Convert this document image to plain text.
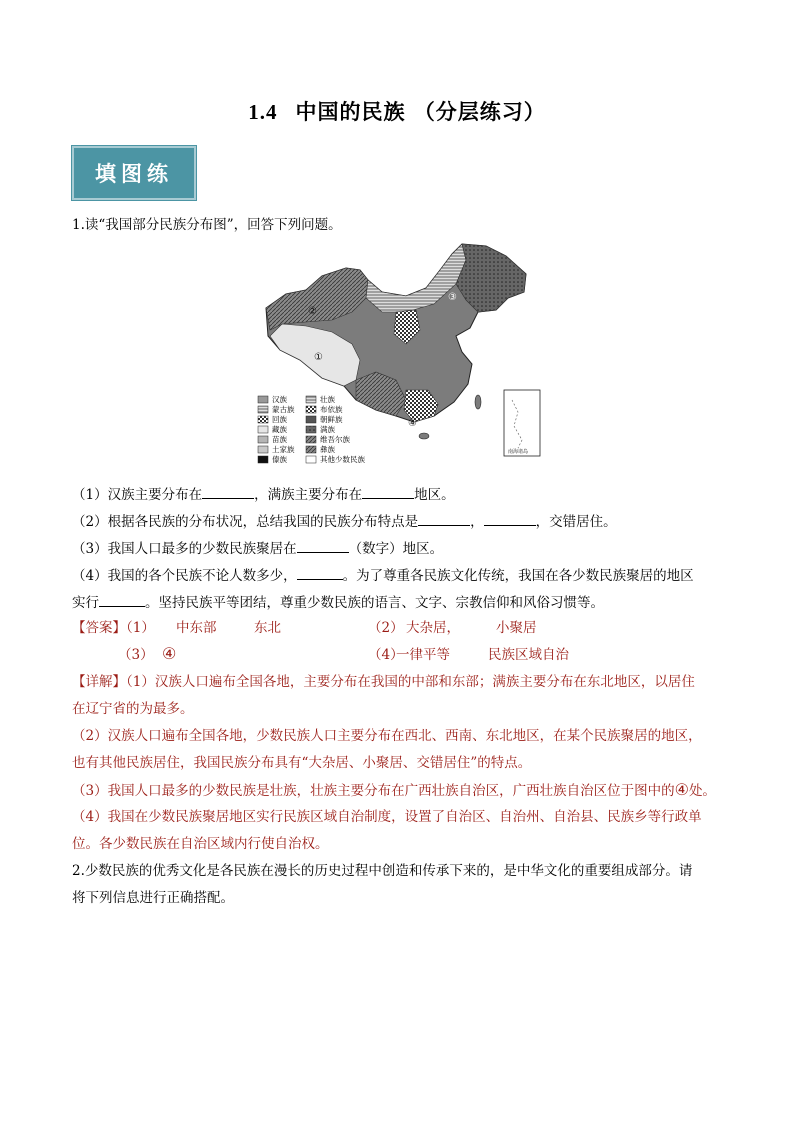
1.4 中国的民族 （分层练习）
填图练
1.读“我国部分民族分布图”，回答下列问题。
①
②
③
④
南海诸岛
汉族	壮族
蒙古族	布依族
回族	朝鲜族
藏族	满族
苗族	维吾尔族
土家族	彝族
傣族	其他少数民族
（1）汉族主要分布在	，满族主要分布在	地区。
（2）根据各民族的分布状况，总结我国的民族分布特点是	，	，交错居住。
（3）我国人口最多的少数民族聚居在	（数字）地区。
（4）我国的各个民族不论人数多少，	。为了尊重各民族文化传统，我国在各少数民族聚居的地区
实行	。坚持民族平等团结，尊重少数民族的语言、文字、宗教信仰和风俗习惯等。
【答案】（1） 中东部	东北	（2） 大杂居，	小聚居
（3） ④	（4）
一律平等	民族区域自治
【详解】（1）汉族人口遍布全国各地，主要分布在我国的中部和东部；满族主要分布在东北地区，以居住
在辽宁省的为最多。
（2）汉族人口遍布全国各地，少数民族人口主要分布在西北、西南、东北地区，在某个民族聚居的地区，
也有其他民族居住，我国民族分布具有“大杂居、小聚居、交错居住”的特点。
（3）我国人口最多的少数民族是壮族，壮族主要分布在广西壮族自治区，广西壮族自治区位于图中的④处。
（4）我国在少数民族聚居地区实行民族区域自治制度，设置了自治区、自治州、自治县、民族乡等行政单
位。各少数民族在自治区域内行使自治权。
2.少数民族的优秀文化是各民族在漫长的历史过程中创造和传承下来的，是中华文化的重要组成部分。请
将下列信息进行正确搭配。
